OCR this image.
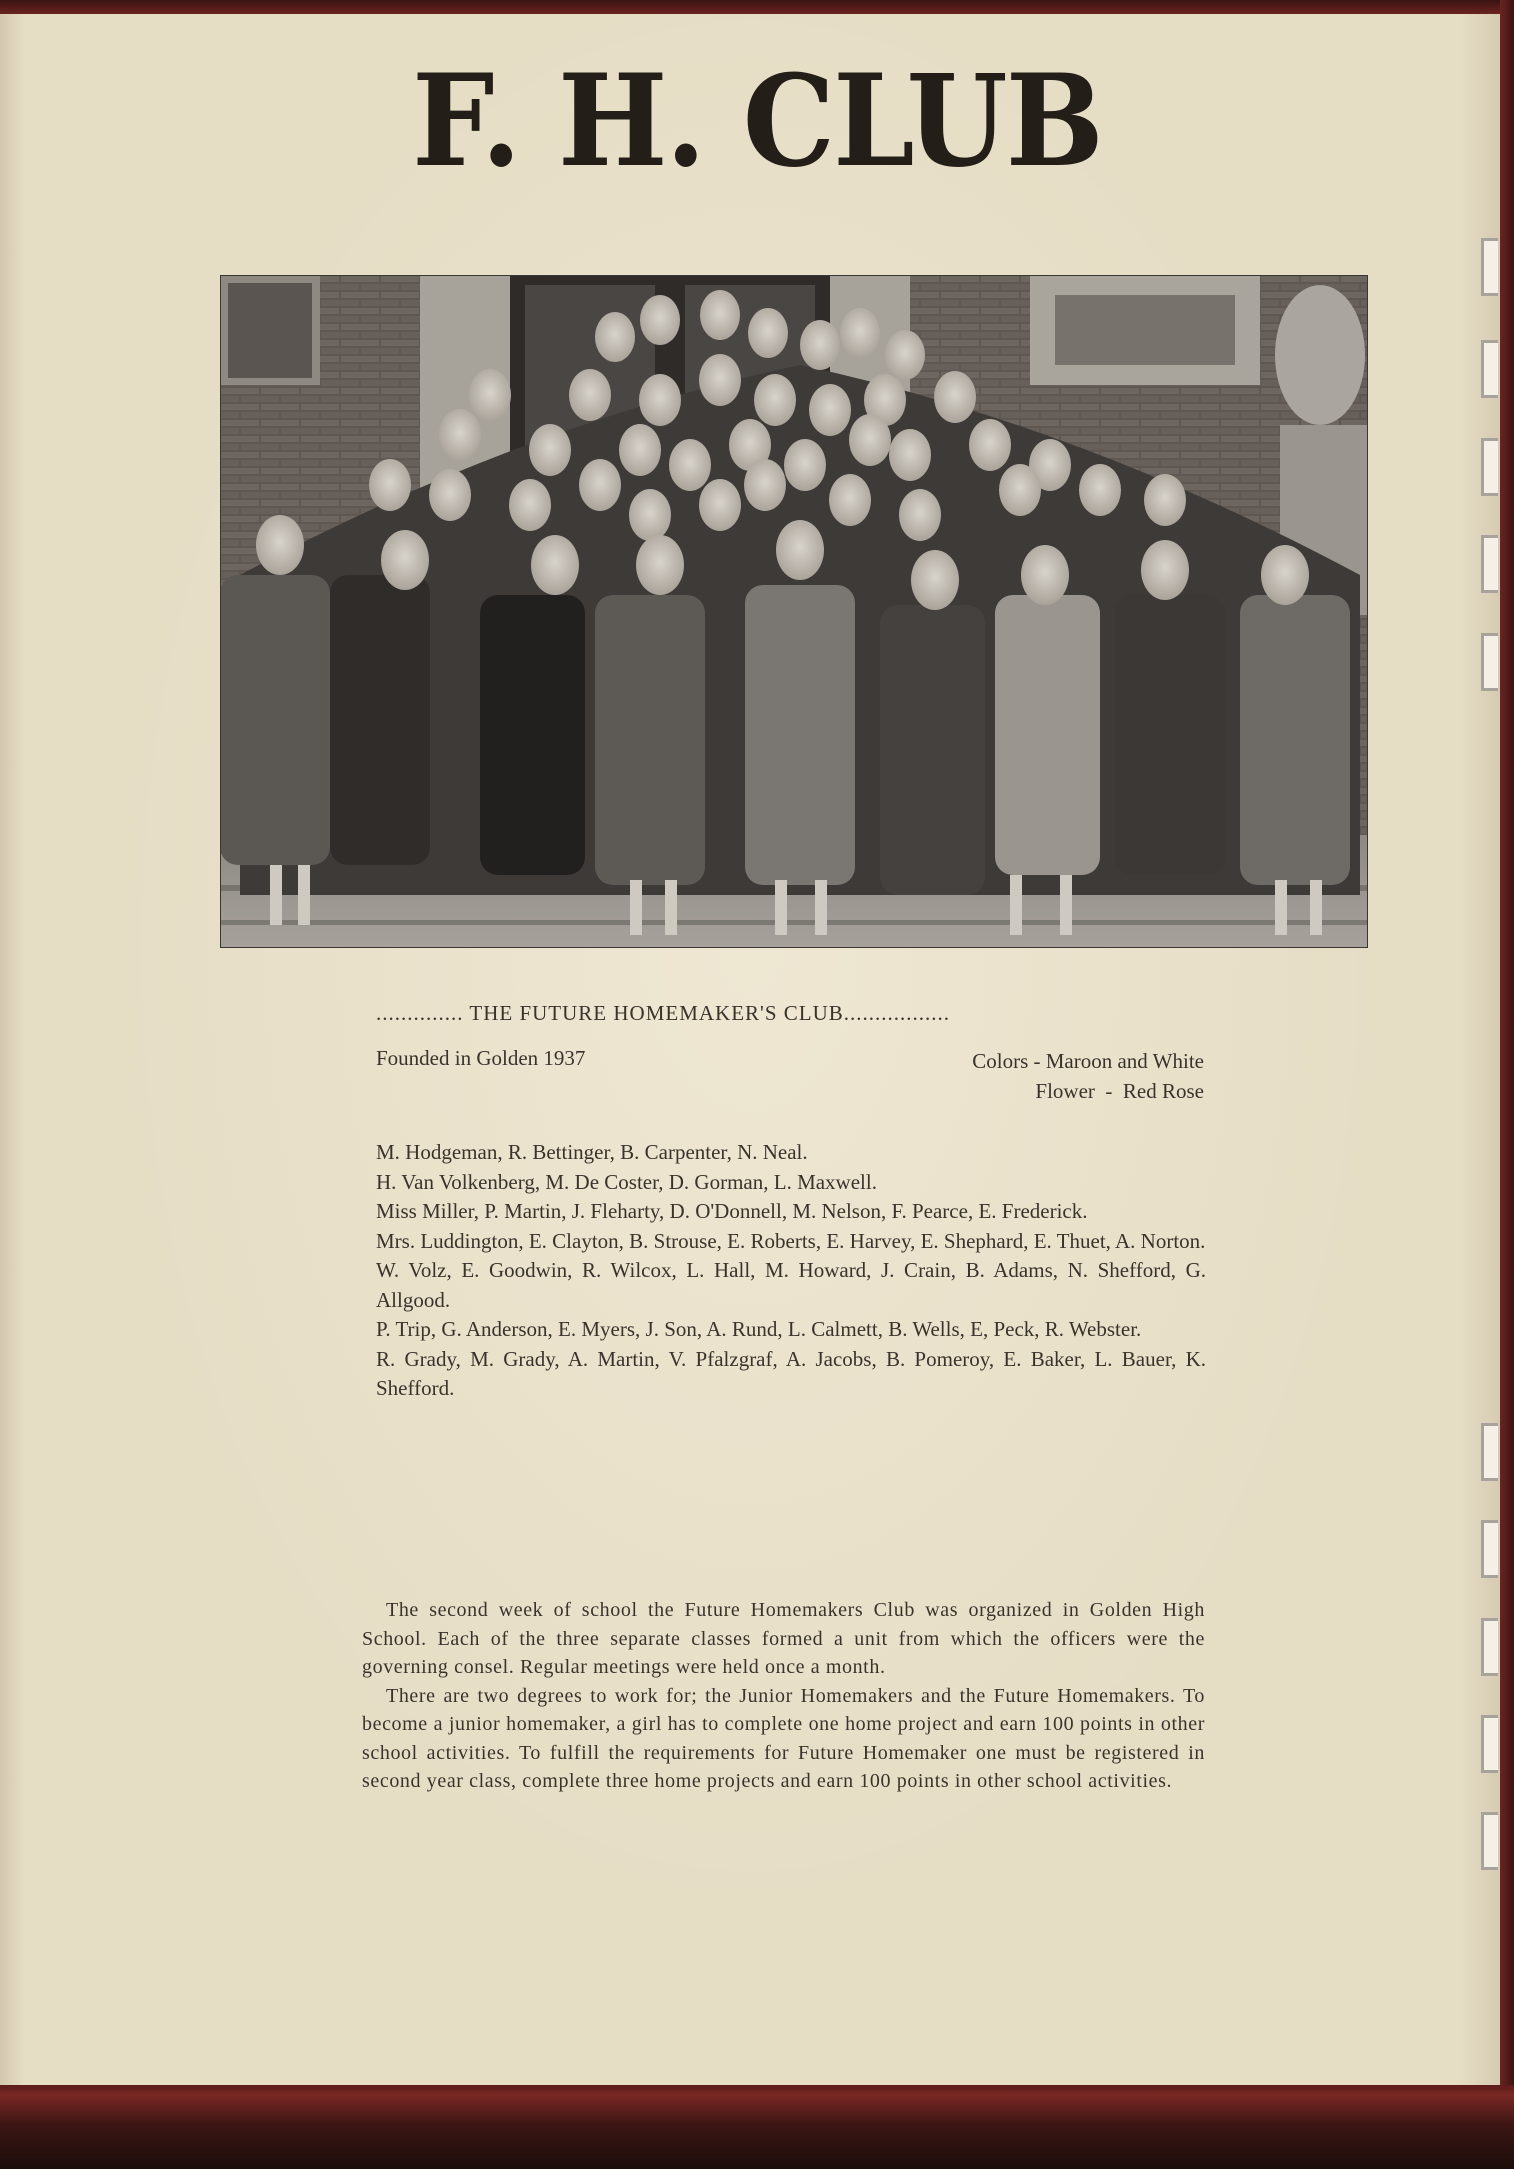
F. H. CLUB
.............. THE FUTURE HOMEMAKER'S CLUB.................
Founded in Golden 1937	Colors - Maroon and White
Flower  -  Red Rose

M. Hodgeman, R. Bettinger, B. Carpenter, N. Neal.

H. Van Volkenberg, M. De Coster, D. Gorman, L. Maxwell.

Miss Miller, P. Martin, J. Fleharty, D. O'Donnell, M. Nelson, F. Pearce, E. Frederick.

Mrs. Luddington, E. Clayton, B. Strouse, E. Roberts, E. Harvey, E. Shephard, E. Thuet, A. Norton.

W. Volz, E. Goodwin, R. Wilcox, L. Hall, M. Howard, J. Crain, B. Adams, N. Shefford, G. Allgood.

P. Trip, G. Anderson, E. Myers, J. Son, A. Rund, L. Calmett, B. Wells, E, Peck, R. Webster.

R. Grady, M. Grady, A. Martin, V. Pfalzgraf, A. Jacobs, B. Pomeroy, E. Baker, L. Bauer, K. Shefford.

The second week of school the Future Homemakers Club was organized in Golden High School. Each of the three separate classes formed a unit from which the officers were the governing consel. Regular meetings were held once a month.

There are two degrees to work for; the Junior Homemakers and the Future Homemakers. To become a junior homemaker, a girl has to complete one home project and earn 100 points in other school activities. To fulfill the requirements for Future Homemaker one must be registered in second year class, complete three home projects and earn 100 points in other school activities.
